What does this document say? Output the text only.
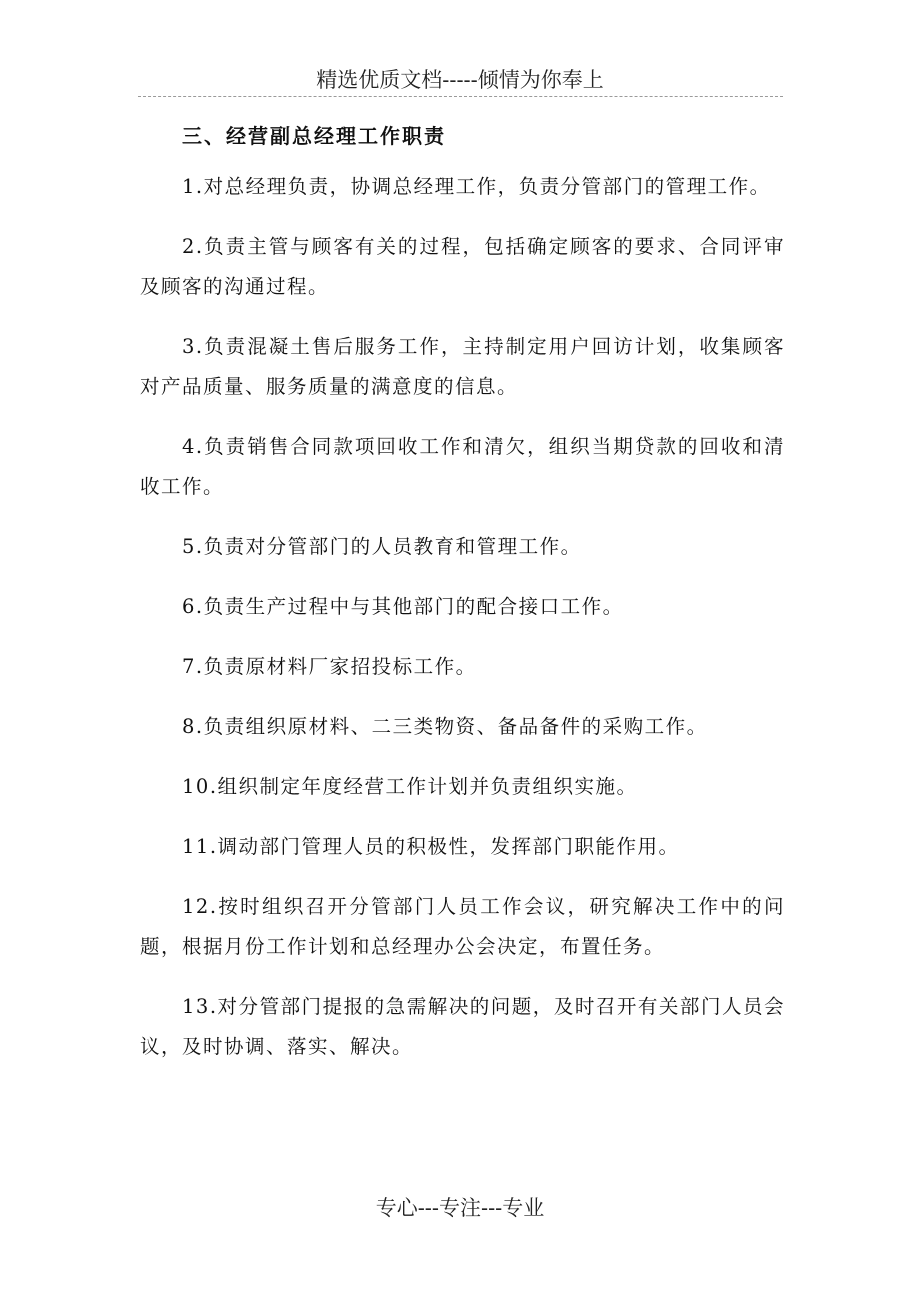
精选优质文档-----倾情为你奉上
三、经营副总经理工作职责

1.对总经理负责，协调总经理工作，负责分管部门的管理工作。

2.负责主管与顾客有关的过程，包括确定顾客的要求、合同评审及顾客的沟通过程。

3.负责混凝土售后服务工作，主持制定用户回访计划，收集顾客对产品质量、服务质量的满意度的信息。

4.负责销售合同款项回收工作和清欠，组织当期贷款的回收和清收工作。

5.负责对分管部门的人员教育和管理工作。

6.负责生产过程中与其他部门的配合接口工作。

7.负责原材料厂家招投标工作。

8.负责组织原材料、二三类物资、备品备件的采购工作。

10.组织制定年度经营工作计划并负责组织实施。

11.调动部门管理人员的积极性，发挥部门职能作用。

12.按时组织召开分管部门人员工作会议，研究解决工作中的问题，根据月份工作计划和总经理办公会决定，布置任务。

13.对分管部门提报的急需解决的问题，及时召开有关部门人员会议，及时协调、落实、解决。

专心---专注---专业
